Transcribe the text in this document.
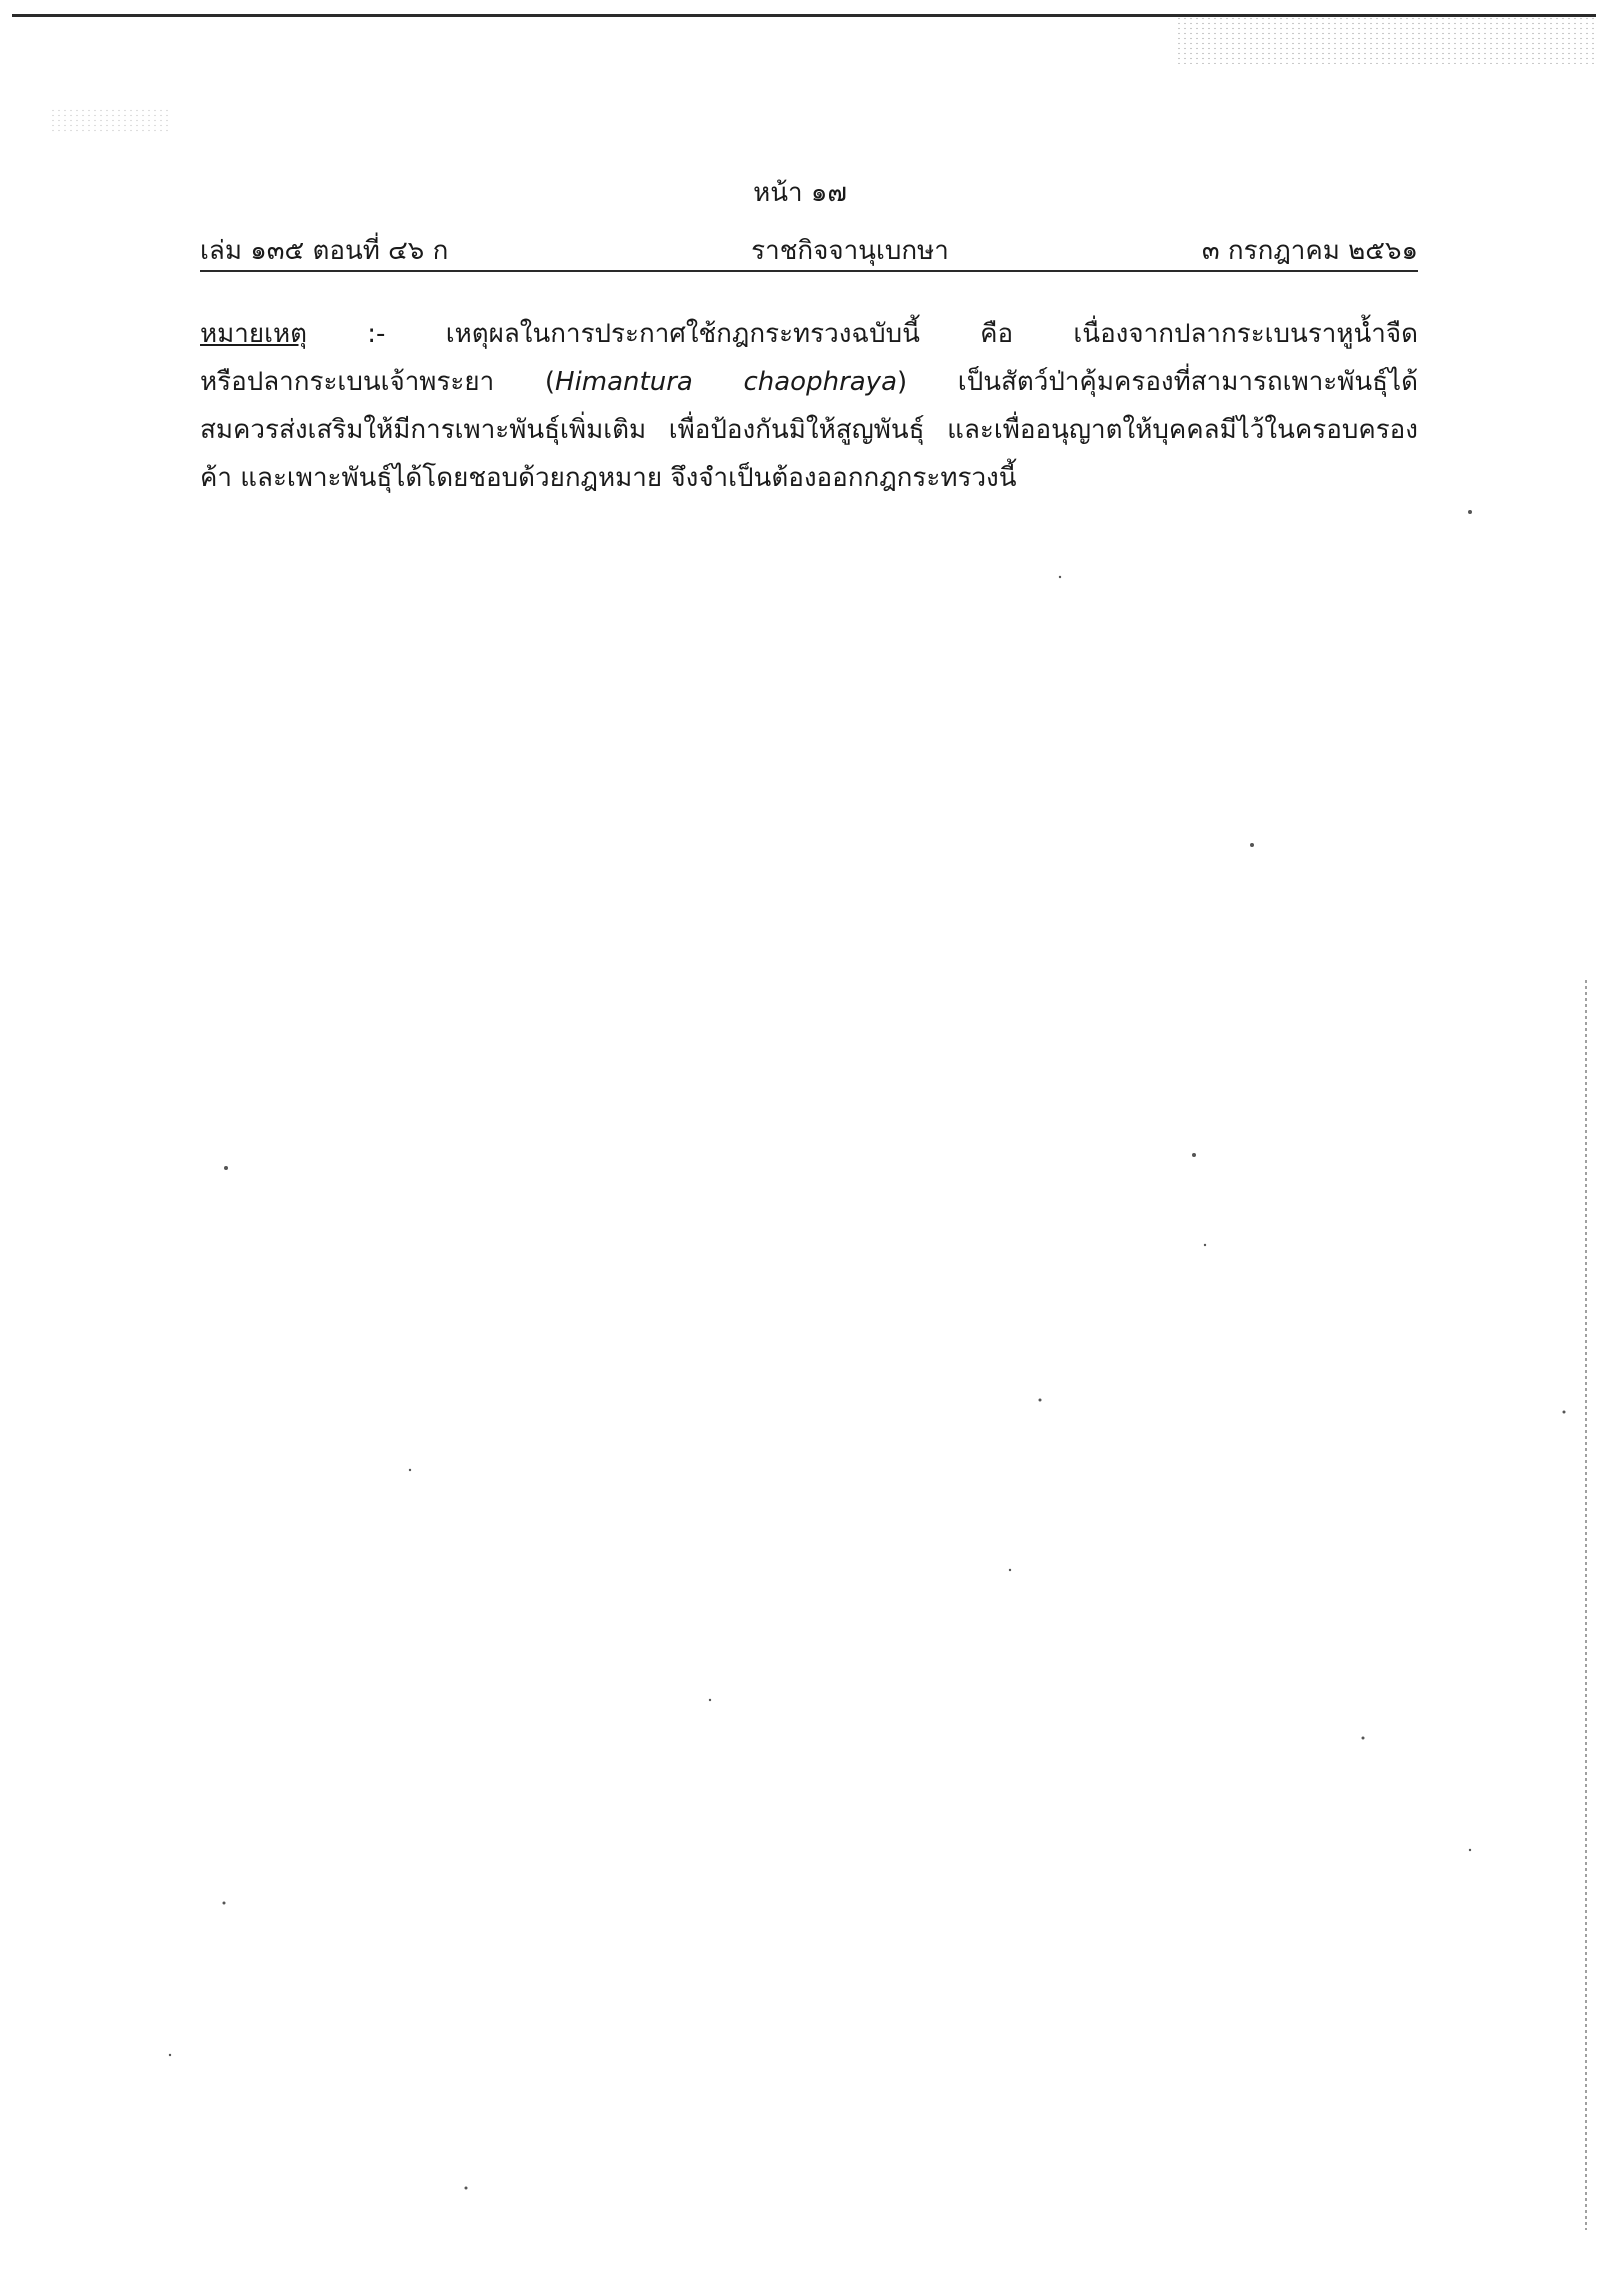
หน้า ๑๗
เล่ม ๑๓๕ ตอนที่ ๔๖ ก	ราชกิจจานุเบกษา	๓ กรกฎาคม ๒๕๖๑
หมายเหตุ :- เหตุผลในการประกาศใช้กฎกระทรวงฉบับนี้ คือ เนื่องจากปลากระเบนราหูน้ำจืด
หรือปลากระเบนเจ้าพระยา (Himantura chaophraya) เป็นสัตว์ป่าคุ้มครองที่สามารถเพาะพันธุ์ได้
สมควรส่งเสริมให้มีการเพาะพันธุ์เพิ่มเติม เพื่อป้องกันมิให้สูญพันธุ์ และเพื่ออนุญาตให้บุคคลมีไว้ในครอบครอง
ค้า และเพาะพันธุ์ได้โดยชอบด้วยกฎหมาย จึงจำเป็นต้องออกกฎกระทรวงนี้
